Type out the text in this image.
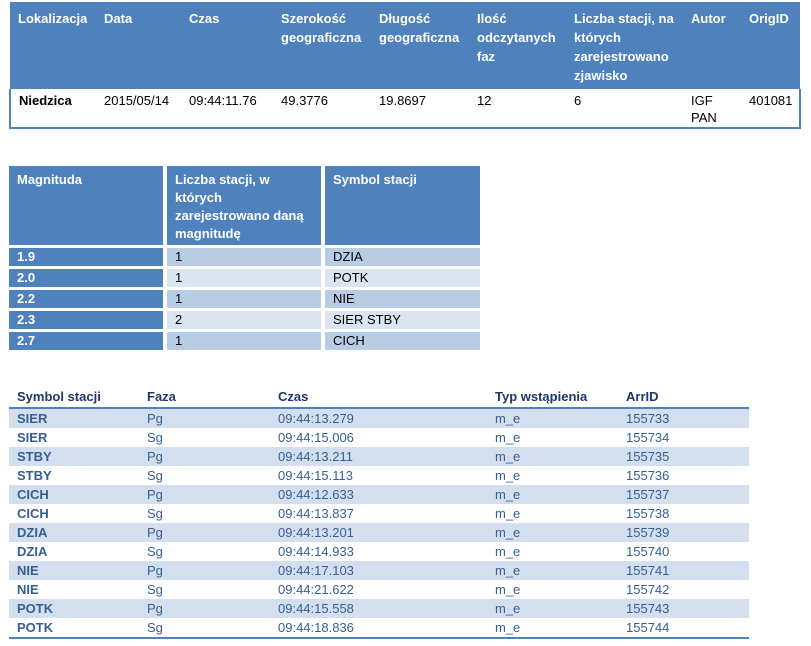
Lokalizacja	Data	Czas	Szerokość geograficzna	Długość geograficzna	Ilość odczytanych faz	Liczba stacji, na których zarejestrowano zjawisko	Autor	OrigID
Niedzica	2015/05/14	09:44:11.76	49.3776	19.8697	12	6	IGF PAN	401081
Magnituda	Liczba stacji, w których zarejestrowano daną magnitudę	Symbol stacji
1.9	1	DZIA
2.0	1	POTK
2.2	1	NIE
2.3	2	SIER STBY
2.7	1	CICH
Symbol stacji	Faza	Czas	Typ wstąpienia	ArrID
SIER	Pg	09:44:13.279	m_e	155733
SIER	Sg	09:44:15.006	m_e	155734
STBY	Pg	09:44:13.211	m_e	155735
STBY	Sg	09:44:15.113	m_e	155736
CICH	Pg	09:44:12.633	m_e	155737
CICH	Sg	09:44:13.837	m_e	155738
DZIA	Pg	09:44:13.201	m_e	155739
DZIA	Sg	09:44:14.933	m_e	155740
NIE	Pg	09:44:17.103	m_e	155741
NIE	Sg	09:44:21.622	m_e	155742
POTK	Pg	09:44:15.558	m_e	155743
POTK	Sg	09:44:18.836	m_e	155744
